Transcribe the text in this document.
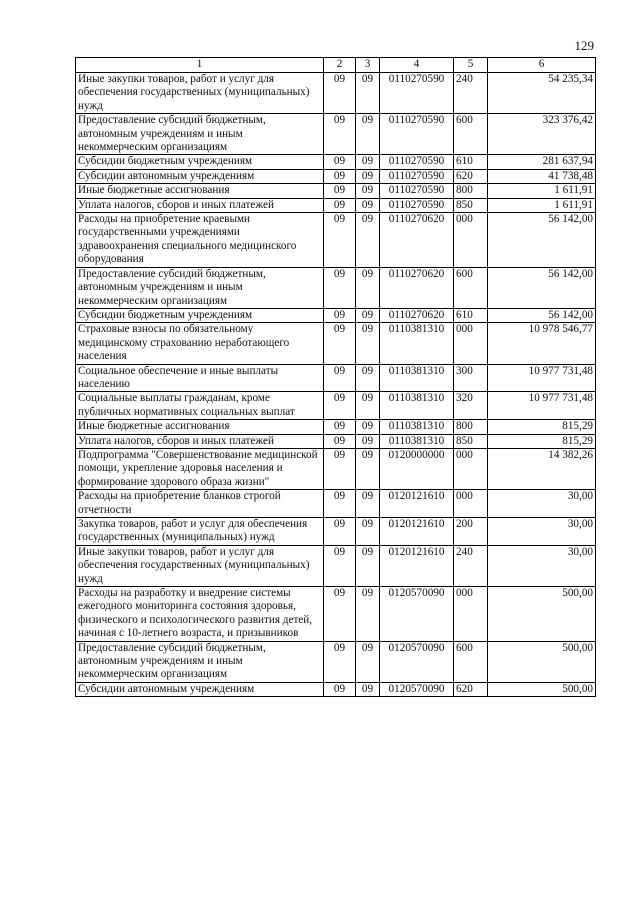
129
1	2	3	4	5	6
Иные закупки товаров, работ и услуг для обеспечения государственных (муниципальных) нужд	09	09	0110270590	240	54 235,34
Предоставление субсидий бюджетным, автономным учреждениям и иным некоммерческим организациям	09	09	0110270590	600	323 376,42
Субсидии бюджетным учреждениям	09	09	0110270590	610	281 637,94
Субсидии автономным учреждениям	09	09	0110270590	620	41 738,48
Иные бюджетные ассигнования	09	09	0110270590	800	1 611,91
Уплата налогов, сборов и иных платежей	09	09	0110270590	850	1 611,91
Расходы на приобретение краевыми государственными учреждениями здравоохранения специального медицинского оборудования	09	09	0110270620	000	56 142,00
Предоставление субсидий бюджетным, автономным учреждениям и иным некоммерческим организациям	09	09	0110270620	600	56 142,00
Субсидии бюджетным учреждениям	09	09	0110270620	610	56 142,00
Страховые взносы по обязательному медицинскому страхованию неработающего населения	09	09	0110381310	000	10 978 546,77
Социальное обеспечение и иные выплаты населению	09	09	0110381310	300	10 977 731,48
Социальные выплаты гражданам, кроме публичных нормативных социальных выплат	09	09	0110381310	320	10 977 731,48
Иные бюджетные ассигнования	09	09	0110381310	800	815,29
Уплата налогов, сборов и иных платежей	09	09	0110381310	850	815,29
Подпрограмма "Совершенствование медицинской помощи, укрепление здоровья населения и формирование здорового образа жизни"	09	09	0120000000	000	14 382,26
Расходы на приобретение бланков строгой отчетности	09	09	0120121610	000	30,00
Закупка товаров, работ и услуг для обеспечения государственных (муниципальных) нужд	09	09	0120121610	200	30,00
Иные закупки товаров, работ и услуг для обеспечения государственных (муниципальных) нужд	09	09	0120121610	240	30,00
Расходы на разработку и внедрение системы ежегодного мониторинга состояния здоровья, физического и психологического развития детей, начиная с 10-летнего возраста, и призывников	09	09	0120570090	000	500,00
Предоставление субсидий бюджетным, автономным учреждениям и иным некоммерческим организациям	09	09	0120570090	600	500,00
Субсидии автономным учреждениям	09	09	0120570090	620	500,00
